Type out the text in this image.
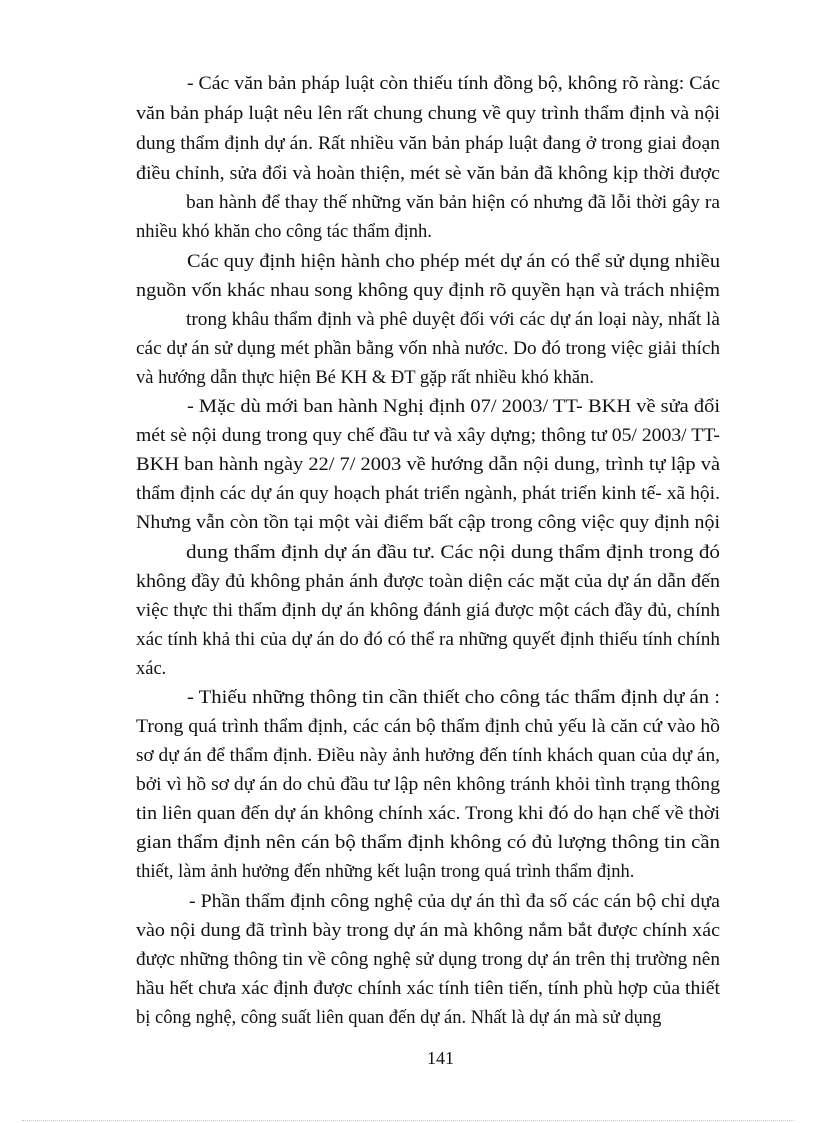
- Các văn bản pháp luật còn thiếu tính đồng bộ, không rõ ràng: Các
văn bản pháp luật nêu lên rất chung chung về quy trình thẩm định và nội
dung thẩm định dự án. Rất nhiều văn bản pháp luật đang ở trong giai đoạn
điều chỉnh, sửa đổi và hoàn thiện, mét sè văn bản đã không kịp thời được
ban hành để thay thế những văn bản hiện có nhưng đã lỗi thời gây ra
nhiều khó khăn cho công tác thẩm định.
Các quy định hiện hành cho phép mét dự án có thể sử dụng nhiều
nguồn vốn khác nhau song không quy định rõ quyền hạn và trách nhiệm
trong khâu thẩm định và phê duyệt đối với các dự án loại này, nhất là
các dự án sử dụng mét phần bằng vốn nhà nước. Do đó trong việc giải thích
và hướng dẫn thực hiện Bé KH & ĐT gặp rất nhiều khó khăn.
- Mặc dù mới ban hành Nghị định 07/ 2003/ TT- BKH về sửa đổi
mét sè nội dung trong quy chế đầu tư và xây dựng; thông tư 05/ 2003/ TT-
BKH ban hành ngày 22/ 7/ 2003 về hướng dẫn nội dung, trình tự lập và
thẩm định các dự án quy hoạch phát triển ngành, phát triển kinh tế- xã hội.
Nhưng vẫn còn tồn tại một vài điểm bất cập trong công việc quy định nội
dung thẩm định dự án đầu tư. Các nội dung thẩm định trong đó
không đầy đủ không phản ánh được toàn diện các mặt của dự án dẫn đến
việc thực thi thẩm định dự án không đánh giá được một cách đầy đủ, chính
xác tính khả thi của dự án do đó có thể ra những quyết định thiếu tính chính
xác.
- Thiếu những thông tin cần thiết cho công tác thẩm định dự án :
Trong quá trình thẩm định, các cán bộ thẩm định chủ yếu là căn cứ vào hồ
sơ dự án để thẩm định. Điều này ảnh hưởng đến tính khách quan của dự án,
bởi vì hồ sơ dự án do chủ đầu tư lập nên không tránh khỏi tình trạng thông
tin liên quan đến dự án không chính xác. Trong khi đó do hạn chế về thời
gian thẩm định nên cán bộ thẩm định không có đủ lượng thông tin cần
thiết, làm ảnh hưởng đến những kết luận trong quá trình thẩm định.
- Phần thẩm định công nghệ của dự án thì đa số các cán bộ chỉ dựa
vào nội dung đã trình bày trong dự án mà không nắm bắt được chính xác
được những thông tin về công nghệ sử dụng trong dự án trên thị trường nên
hầu hết chưa xác định được chính xác tính tiên tiến, tính phù hợp của thiết
bị công nghệ, công suất liên quan đến dự án. Nhất là dự án mà sử dụng
141
